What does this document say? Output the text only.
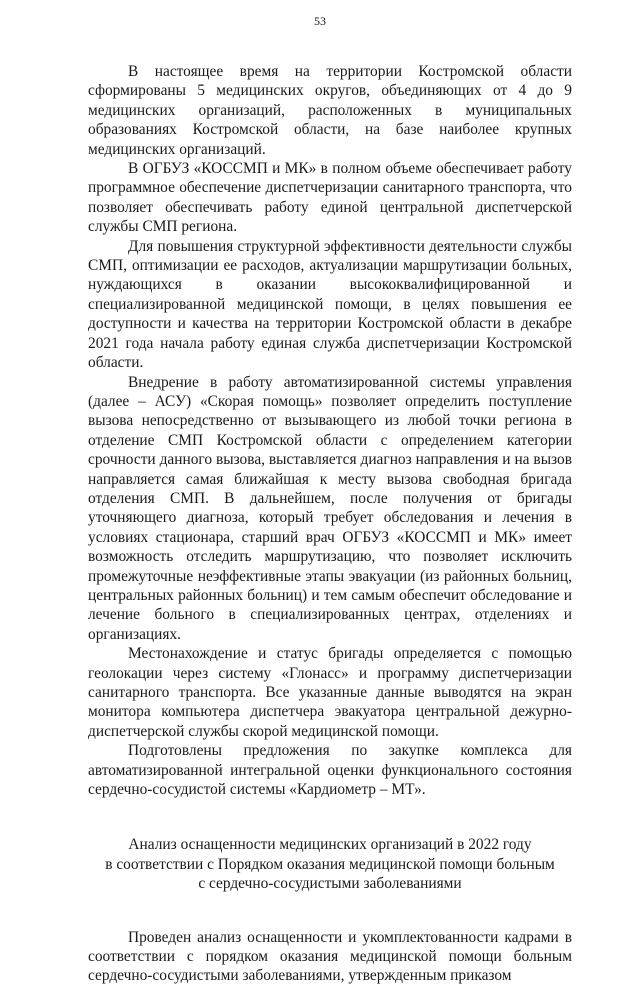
53

В настоящее время на территории Костромской области сформированы 5 медицинских округов, объединяющих от 4 до 9 медицинских организаций, расположенных в муниципальных образованиях Костромской области, на базе наиболее крупных медицинских организаций.

В ОГБУЗ «КОССМП и МК» в полном объеме обеспечивает работу программное обеспечение диспетчеризации санитарного транспорта, что позволяет обеспечивать работу единой центральной диспетчерской службы СМП региона.

Для повышения структурной эффективности деятельности службы СМП, оптимизации ее расходов, актуализации маршрутизации больных, нуждающихся в оказании высококвалифицированной и специализированной медицинской помощи, в целях повышения ее доступности и качества на территории Костромской области в декабре 2021 года начала работу единая служба диспетчеризации Костромской области.

Внедрение в работу автоматизированной системы управления (далее – АСУ) «Скорая помощь» позволяет определить поступление вызова непосредственно от вызывающего из любой точки региона в отделение СМП Костромской области с определением категории срочности данного вызова, выставляется диагноз направления и на вызов направляется самая ближайшая к месту вызова свободная бригада отделения СМП. В дальнейшем, после получения от бригады уточняющего диагноза, который требует обследования и лечения в условиях стационара, старший врач ОГБУЗ «КОССМП и МК» имеет возможность отследить маршрутизацию, что позволяет исключить промежуточные неэффективные этапы эвакуации (из районных больниц, центральных районных больниц) и тем самым обеспечит обследование и лечение больного в специализированных центрах, отделениях и организациях.

Местонахождение и статус бригады определяется с помощью геолокации через систему «Глонасс» и программу диспетчеризации санитарного транспорта. Все указанные данные выводятся на экран монитора компьютера диспетчера эвакуатора центральной дежурно-диспетчерской службы скорой медицинской помощи.

Подготовлены предложения по закупке комплекса для автоматизированной интегральной оценки функционального состояния сердечно-сосудистой системы «Кардиометр – МТ».

Анализ оснащенности медицинских организаций в 2022 году
в соответствии с Порядком оказания медицинской помощи больным
с сердечно-сосудистыми заболеваниями

Проведен анализ оснащенности и укомплектованности кадрами в соответствии с порядком оказания медицинской помощи больным сердечно-сосудистыми заболеваниями, утвержденным приказом
